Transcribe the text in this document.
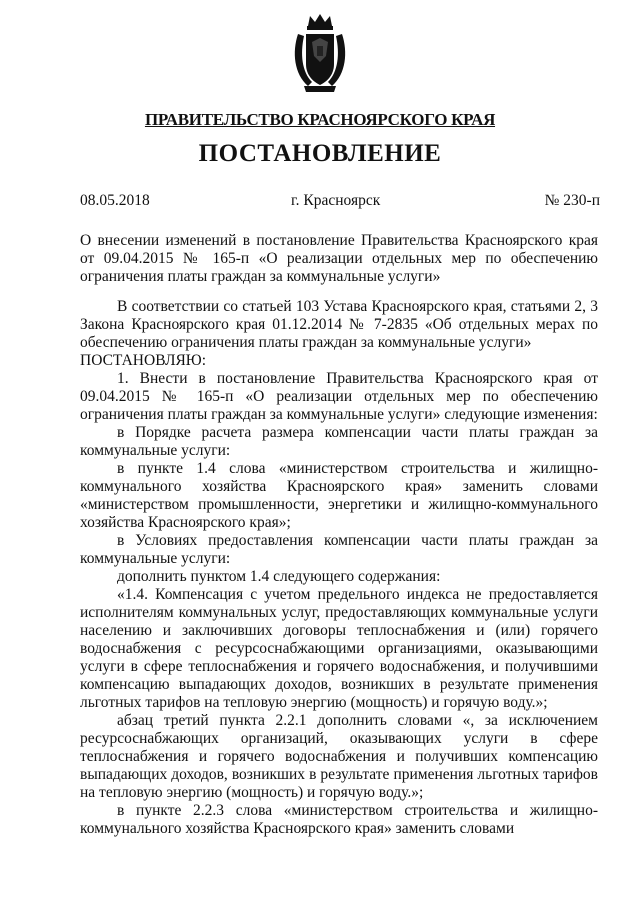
ПРАВИТЕЛЬСТВО КРАСНОЯРСКОГО КРАЯ
ПОСТАНОВЛЕНИЕ
08.05.2018	г. Красноярск	№ 230-п

О внесении изменений в постановление Правительства Красноярского края от 09.04.2015 № 165-п «О реализации отдельных мер по обеспечению ограничения платы граждан за коммунальные услуги»

В соответствии со статьей 103 Устава Красноярского края, статьями 2, 3 Закона Красноярского края 01.12.2014 № 7-2835 «Об отдельных мерах по обеспечению ограничения платы граждан за коммунальные услуги»

ПОСТАНОВЛЯЮ:

1. Внести в постановление Правительства Красноярского края от 09.04.2015 № 165-п «О реализации отдельных мер по обеспечению ограничения платы граждан за коммунальные услуги» следующие изменения:

в Порядке расчета размера компенсации части платы граждан за коммунальные услуги:

в пункте 1.4 слова «министерством строительства и жилищно-коммунального хозяйства Красноярского края» заменить словами «министерством промышленности, энергетики и жилищно-коммунального хозяйства Красноярского края»;

в Условиях предоставления компенсации части платы граждан за коммунальные услуги:

дополнить пунктом 1.4 следующего содержания:

«1.4. Компенсация с учетом предельного индекса не предоставляется исполнителям коммунальных услуг, предоставляющих коммунальные услуги населению и заключивших договоры теплоснабжения и (или) горячего водоснабжения с ресурсоснабжающими организациями, оказывающими услуги в сфере теплоснабжения и горячего водоснабжения, и получившими компенсацию выпадающих доходов, возникших в результате применения льготных тарифов на тепловую энергию (мощность) и горячую воду.»;

абзац третий пункта 2.2.1 дополнить словами «, за исключением ресурсоснабжающих организаций, оказывающих услуги в сфере теплоснабжения и горячего водоснабжения и получивших компенсацию выпадающих доходов, возникших в результате применения льготных тарифов на тепловую энергию (мощность) и горячую воду.»;

в пункте 2.2.3 слова «министерством строительства и жилищно-коммунального хозяйства Красноярского края» заменить словами
